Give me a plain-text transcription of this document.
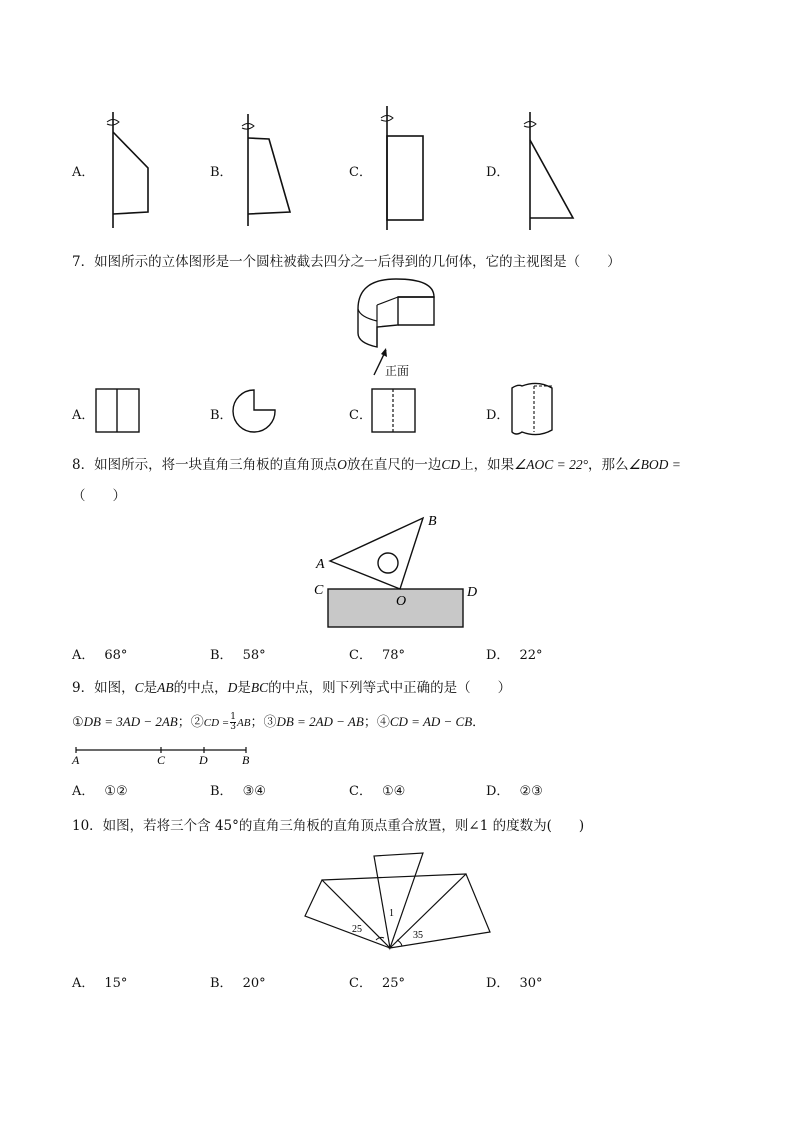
A．	B．	C．	D．
7．如图所示的立体图形是一个圆柱被截去四分之一后得到的几何体，它的主视图是（　　）
正面
A．	B．	C．	D．
8．如图所示，将一块直角三角板的直角顶点O放在直尺的一边CD上，如果∠AOC = 22°，那么∠BOD =
（　　）
A
B
C	D
O
A． 68°	B． 58°	C． 78°	D． 22°
9．如图，C是AB的中点，D是BC的中点，则下列等式中正确的是（　　）
①DB = 3AD − 2AB；②CD = $\frac{1}{3}$ AB；③DB = 2AD − AB；④CD = AD − CB．
A	C	D	B
A． ①②	B． ③④	C． ①④	D． ②③
10．如图，若将三个含 45°的直角三角板的直角顶点重合放置，则∠1 的度数为(　　)
1
25
35
A． 15°	B． 20°	C． 25°	D． 30°
